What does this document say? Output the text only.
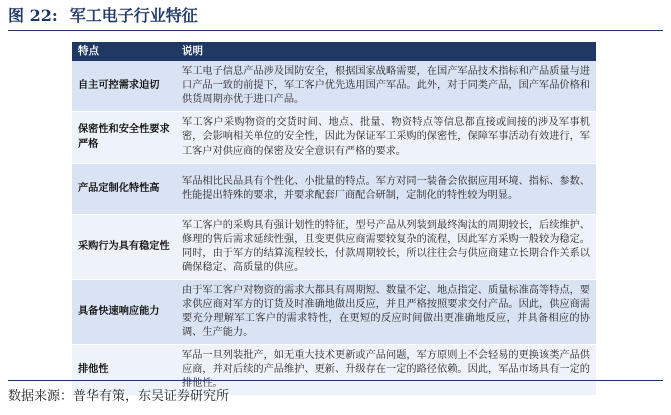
图 22: 军工电子行业特征
特点	说明
自主可控需求迫切	军工电子信息产品涉及国防安全，根据国家战略需要，在国产军品技术指标和产品质量与进口产品一致的前提下，军工客户优先选用国产军品。此外，对于同类产品，国产军品价格和供货周期亦优于进口产品。
保密性和安全性要求严格	军工客户采购物资的交货时间、地点、批量、物资特点等信息都直接或间接的涉及军事机密，会影响相关单位的安全性，因此为保证军工采购的保密性，保障军事活动有效进行，军工客户对供应商的保密及安全意识有严格的要求。
产品定制化特性高	军品相比民品具有个性化、小批量的特点。军方对同一装备会依据应用环境、指标、参数、性能提出特殊的要求，并要求配套厂商配合研制，定制化的特性较为明显。
采购行为具有稳定性	军工客户的采购具有强计划性的特征，型号产品从列装到最终淘汰的周期较长，后续维护、修理的售后需求延续性强，且变更供应商需要较复杂的流程，因此军方采购一般较为稳定。同时，由于军方的结算流程较长，付款周期较长，所以往往会与供应商建立长期合作关系以确保稳定、高质量的供应。
具备快速响应能力	由于军工客户对物资的需求大都具有周期短、数量不定、地点指定、质量标准高等特点，要求供应商对军方的订货及时准确地做出反应，并且严格按照要求交付产品。因此，供应商需要充分理解军工客户的需求特性，在更短的反应时间做出更准确地反应，并具备相应的协调、生产能力。
排他性	军品一旦列装批产，如无重大技术更新或产品问题，军方原则上不会轻易的更换该类产品供应商，并对后续的产品维护、更新、升级存在一定的路径依赖。因此，军品市场具有一定的排他性。
数据来源：普华有策，东吴证券研究所
